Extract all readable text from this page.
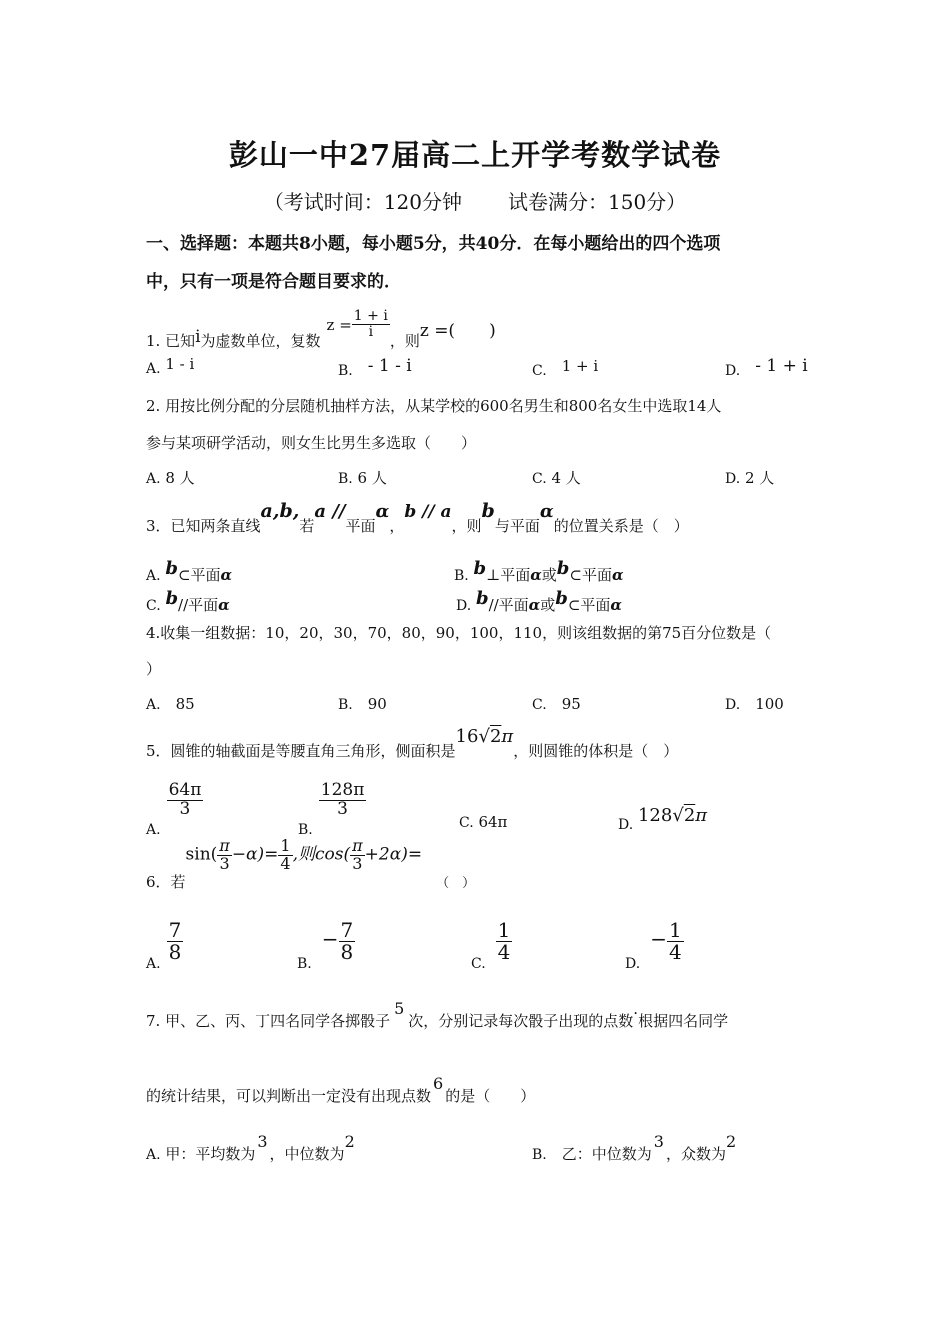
彭山一中27届高二上开学考数学试卷
（考试时间：120分钟 试卷满分：150分）
一、选择题：本题共8小题，每小题5分，共40分．在每小题给出的四个选项
中，只有一项是符合题目要求的．
1. 已知i为虚数单位，复数$z = \frac{1 + i}{i}$
，则z =(　　)
A. 1 - i	B.　 - 1 - i	C.　 1 + i	D.　 - 1 + i
2. 用按比例分配的分层随机抽样方法，从某学校的600名男生和800名女生中选取14人
参与某项研学活动，则女生比男生多选取（　　）
A. 8 人	B. 6 人	C. 4 人	D. 2 人
3．已知两条直线a,b,若a //平面α，b // a，则b与平面α的位置关系是（　）
A. b⊂平面α	B. b⊥平面α或b⊂平面α
C. b//平面α	D. b//平面α或b⊂平面α
4.收集一组数据：10，20，30，70，80，90，100，110，则该组数据的第75百分位数是（
）
A.　 85	B.　 90	C.　 95	D.　 100
5．圆锥的轴截面是等腰直角三角形，侧面积是16√2π，则圆锥的体积是（　）
A.
$\frac{64\pi}{3}$
B.
$\frac{128\pi}{3}$
C. 64π	D. 128√2π
6．若$\sin( \frac{\pi}{3} -\alpha)= \frac{1}{4}$ ,则$\cos( \frac{\pi}{3} +2\alpha)=$（　）
A.
$\frac{7}{8}$
$B.- \frac{7}{8}$
C.
$\frac{1}{4}$
$D.- \frac{1}{4}$
7. 甲、乙、丙、丁四名同学各掷骰子5次，分别记录每次骰子出现的点数·根据四名同学
的统计结果，可以判断出一定没有出现点数6的是（　　）
A. 甲：平均数为3，中位数为2
B.　 乙：中位数为3，众数为2
